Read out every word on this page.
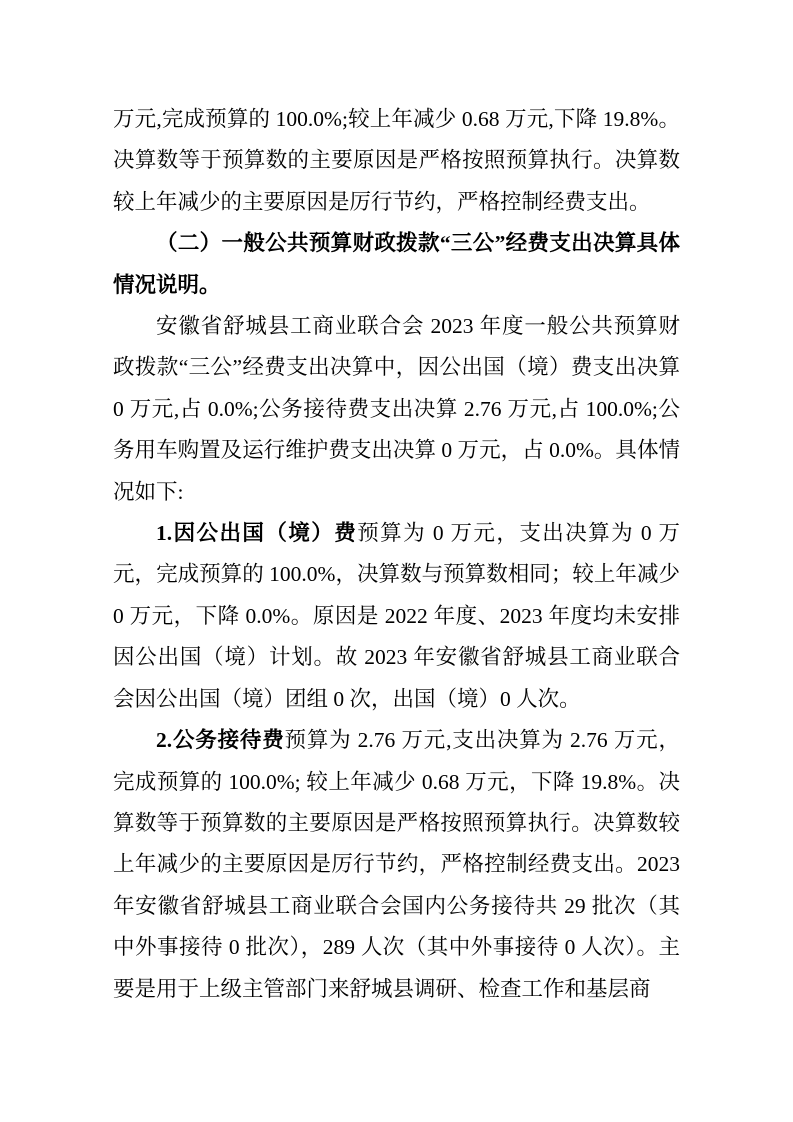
万元,完成预算的 100.0%;较上年减少 0.68 万元,下降 19.8%。决算数等于预算数的主要原因是严格按照预算执行。决算数较上年减少的主要原因是厉行节约，严格控制经费支出。

（二）一般公共预算财政拨款“三公”经费支出决算具体情况说明。

安徽省舒城县工商业联合会 2023 年度一般公共预算财政拨款“三公”经费支出决算中，因公出国（境）费支出决算 0 万元,占 0.0%;公务接待费支出决算 2.76 万元,占 100.0%;公务用车购置及运行维护费支出决算 0 万元，占 0.0%。具体情况如下:

1.因公出国（境）费预算为 0 万元，支出决算为 0 万元，完成预算的 100.0%，决算数与预算数相同；较上年减少 0 万元，下降 0.0%。原因是 2022 年度、2023 年度均未安排因公出国（境）计划。故 2023 年安徽省舒城县工商业联合会因公出国（境）团组 0 次，出国（境）0 人次。

2.公务接待费预算为 2.76 万元,支出决算为 2.76 万元，完成预算的 100.0%; 较上年减少 0.68 万元，下降 19.8%。决算数等于预算数的主要原因是严格按照预算执行。决算数较上年减少的主要原因是厉行节约，严格控制经费支出。2023 年安徽省舒城县工商业联合会国内公务接待共 29 批次（其中外事接待 0 批次），289 人次（其中外事接待 0 人次）。主要是用于上级主管部门来舒城县调研、检查工作和基层商
